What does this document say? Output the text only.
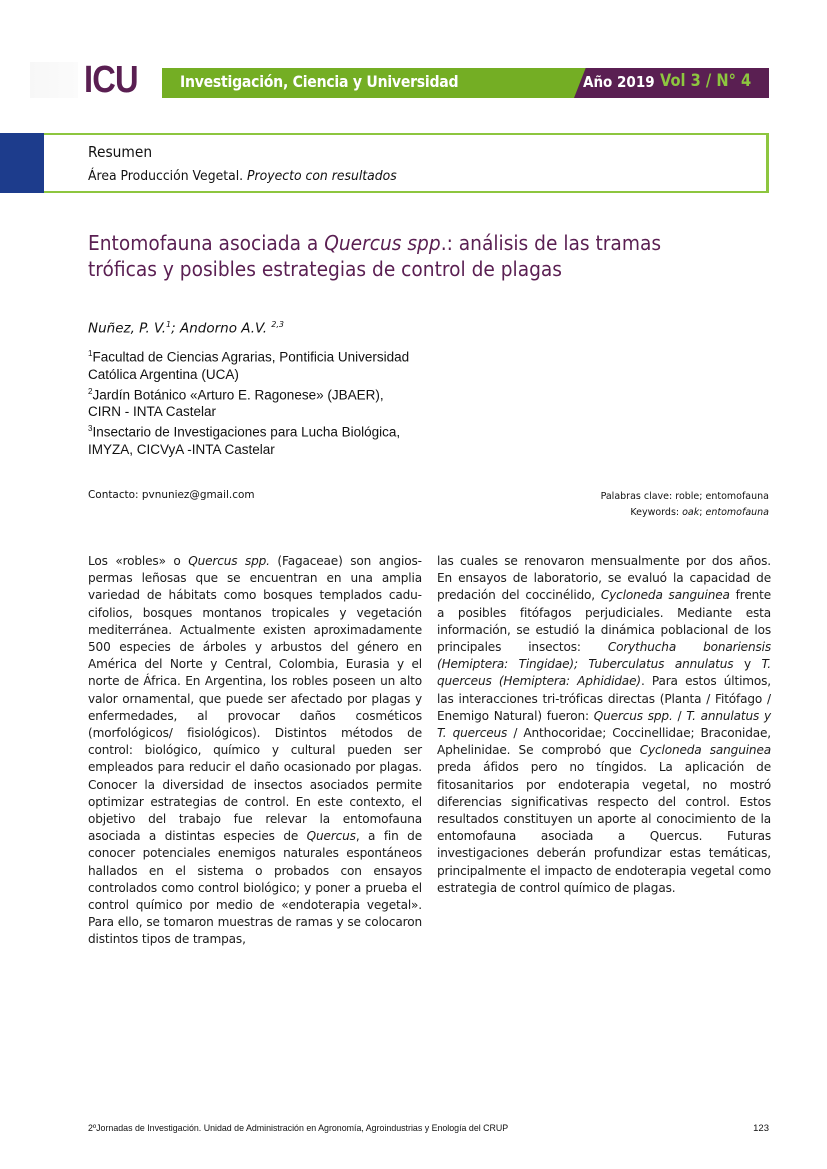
ICU	Investigación, Ciencia y Universidad	Año 2019 Vol 3 / N° 4
Resumen
Área Producción Vegetal. Proyecto con resultados
Entomofauna asociada a Quercus spp.: análisis de las tramas tróficas y posibles estrategias de control de plagas
Nuñez, P. V.$^1$; Andorno A.V. $^{2,3}$
$^1$Facultad de Ciencias Agrarias, Pontificia Universidad Católica Argentina (UCA)
$^2$Jardín Botánico «Arturo E. Ragonese» (JBAER), CIRN - INTA Castelar
$^3$Insectario de Investigaciones para Lucha Biológica, IMYZA, CICVyA -INTA Castelar
Contacto: pvnuniez@gmail.com	Palabras clave: roble; entomofauna
Keywords: oak; entomofauna
Los «robles» o Quercus spp. (Fagaceae) son angiospermas leñosas que se encuentran en una amplia variedad de hábitats como bosques templados caducifolios, bosques montanos tropicales y vegetación mediterránea. Actualmente existen aproximadamente 500 especies de árboles y arbustos del género en América del Norte y Central, Colombia, Eurasia y el norte de África. En Argentina, los robles poseen un alto valor ornamental, que puede ser afectado por plagas y enfermedades, al provocar daños cosméticos (morfológicos/ fisiológicos). Distintos métodos de control: biológico, químico y cultural pueden ser empleados para reducir el daño ocasionado por plagas. Conocer la diversidad de insectos asociados permite optimizar estrategias de control. En este contexto, el objetivo del trabajo fue relevar la entomofauna asociada a distintas especies de Quercus, a fin de conocer potenciales enemigos naturales espontáneos hallados en el sistema o probados con ensayos controlados como control biológico; y poner a prueba el control químico por medio de «endoterapia vegetal». Para ello, se tomaron muestras de ramas y se colocaron distintos tipos de trampas,
las cuales se renovaron mensualmente por dos años. En ensayos de laboratorio, se evaluó la capacidad de predación del coccinélido, Cycloneda sanguinea frente a posibles fitófagos perjudiciales. Mediante esta información, se estudió la dinámica poblacional de los principales insectos: Corythucha bonariensis (Hemiptera: Tingidae); Tuberculatus annulatus y T. querceus (Hemiptera: Aphididae). Para estos últimos, las interacciones tri-tróficas directas (Planta / Fitófago / Enemigo Natural) fueron: Quercus spp. / T. annulatus y T. querceus / Anthocoridae; Coccinellidae; Braconidae, Aphelinidae. Se comprobó que Cycloneda sanguinea preda áfidos pero no tíngidos. La aplicación de fitosanitarios por endoterapia vegetal, no mostró diferencias significativas respecto del control. Estos resultados constituyen un aporte al conocimiento de la entomofauna asociada a Quercus. Futuras investigaciones deberán profundizar estas temáticas, principalmente el impacto de endoterapia vegetal como estrategia de control químico de plagas.
2ºJornadas de Investigación. Unidad de Administración en Agronomía, Agroindustrias y Enología del CRUP	123
